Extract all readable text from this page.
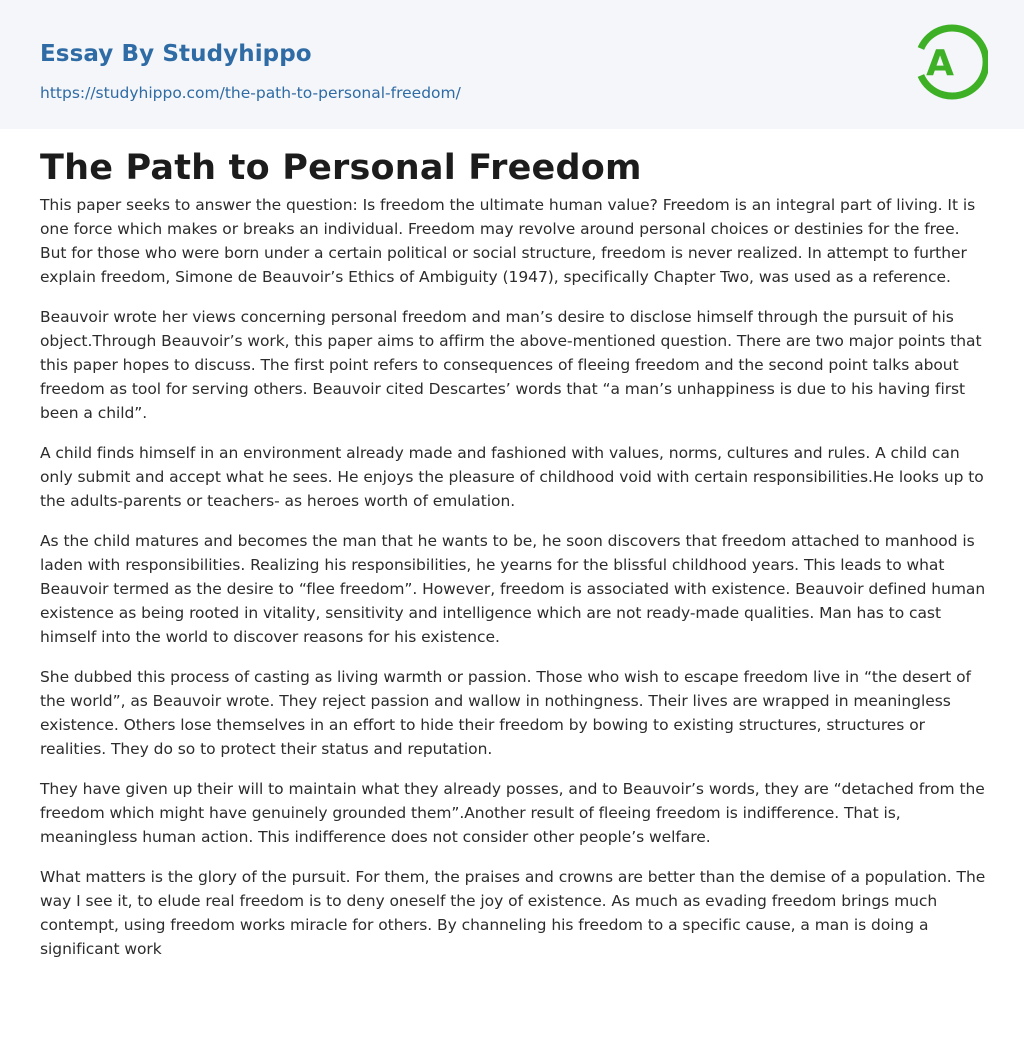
Essay By Studyhippo
https://studyhippo.com/the-path-to-personal-freedom/
A
The Path to Personal Freedom

This paper seeks to answer the question: Is freedom the ultimate human value? Freedom is an integral part of living. It is one force which makes or breaks an individual. Freedom may revolve around personal choices or destinies for the free. But for those who were born under a certain political or social structure, freedom is never realized. In attempt to further explain freedom, Simone de Beauvoir’s Ethics of Ambiguity (1947), specifically Chapter Two, was used as a reference.

Beauvoir wrote her views concerning personal freedom and man’s desire to disclose himself through the pursuit of his object.Through Beauvoir’s work, this paper aims to affirm the above-mentioned question. There are two major points that this paper hopes to discuss. The first point refers to consequences of fleeing freedom and the second point talks about freedom as tool for serving others. Beauvoir cited Descartes’ words that “a man’s unhappiness is due to his having first been a child”.

A child finds himself in an environment already made and fashioned with values, norms, cultures and rules. A child can only submit and accept what he sees. He enjoys the pleasure of childhood void with certain responsibilities.He looks up to the adults-parents or teachers- as heroes worth of emulation.

As the child matures and becomes the man that he wants to be, he soon discovers that freedom attached to manhood is laden with responsibilities. Realizing his responsibilities, he yearns for the blissful childhood years. This leads to what Beauvoir termed as the desire to “flee freedom”. However, freedom is associated with existence. Beauvoir defined human existence as being rooted in vitality, sensitivity and intelligence which are not ready-made qualities. Man has to cast himself into the world to discover reasons for his existence.

She dubbed this process of casting as living warmth or passion. Those who wish to escape freedom live in “the desert of the world”, as Beauvoir wrote. They reject passion and wallow in nothingness. Their lives are wrapped in meaningless existence. Others lose themselves in an effort to hide their freedom by bowing to existing structures, structures or realities. They do so to protect their status and reputation.

They have given up their will to maintain what they already posses, and to Beauvoir’s words, they are “detached from the freedom which might have genuinely grounded them”.Another result of fleeing freedom is indifference. That is, meaningless human action. This indifference does not consider other people’s welfare.

What matters is the glory of the pursuit. For them, the praises and crowns are better than the demise of a population. The way I see it, to elude real freedom is to deny oneself the joy of existence. As much as evading freedom brings much contempt, using freedom works miracle for others. By channeling his freedom to a specific cause, a man is doing a significant work
